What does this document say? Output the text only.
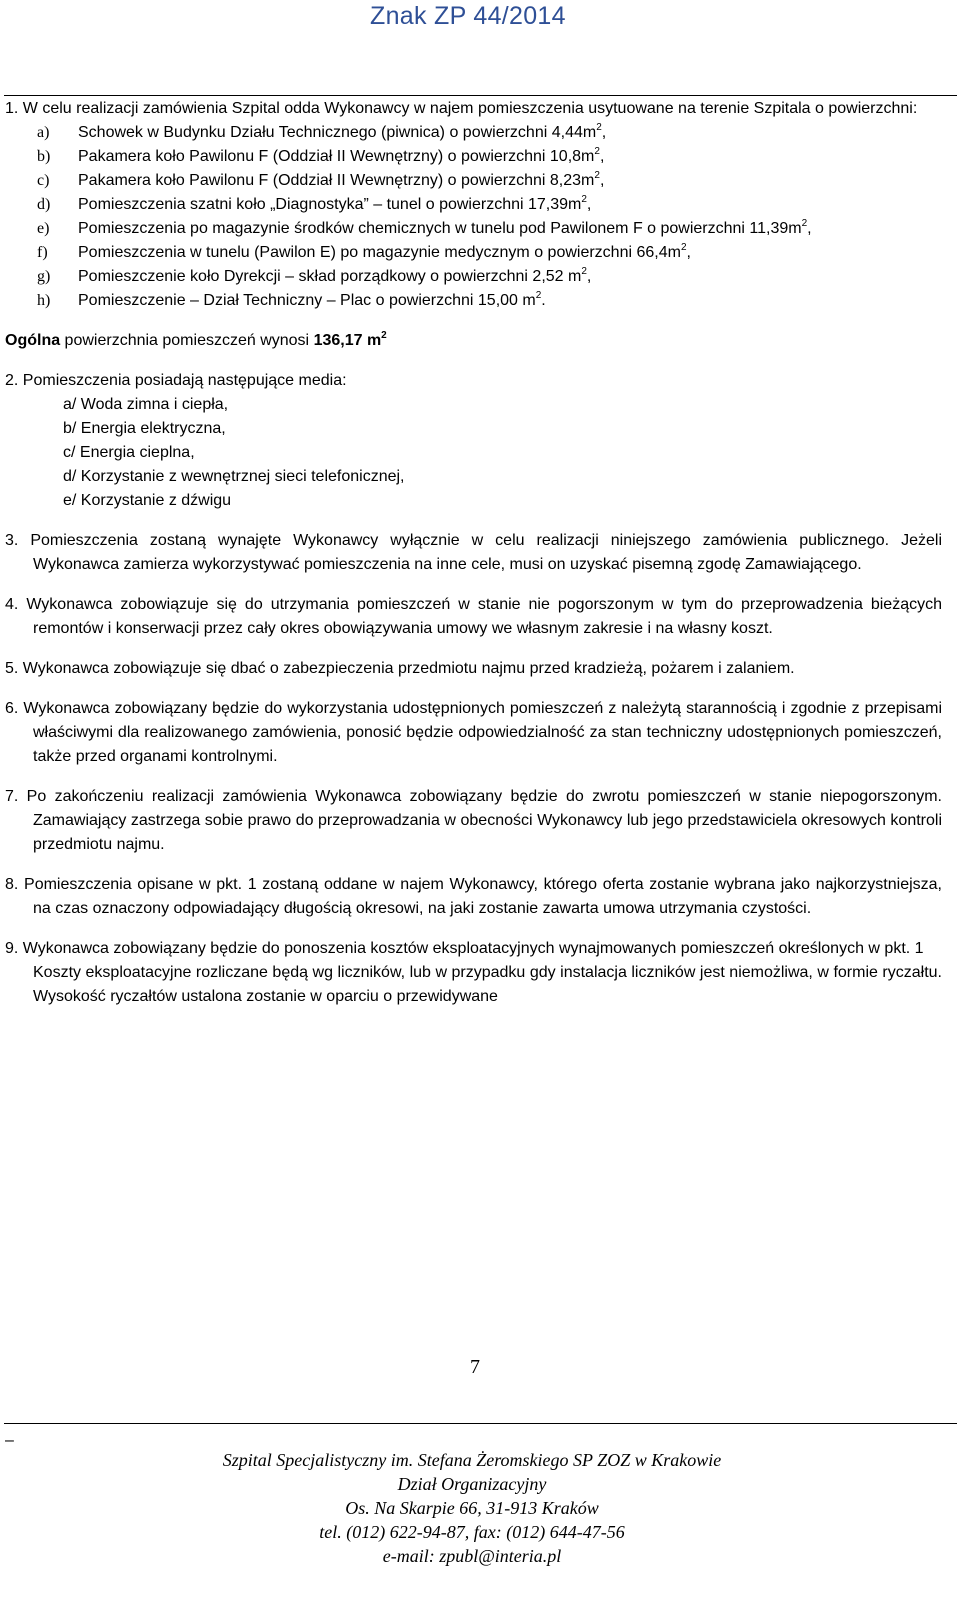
Znak ZP 44/2014

1. W celu realizacji zamówienia Szpital odda Wykonawcy w najem pomieszczenia usytuowane na terenie Szpitala o powierzchni:

a) Schowek w Budynku Działu Technicznego (piwnica) o powierzchni $4,44m^2$,
b) Pakamera koło Pawilonu F (Oddział II Wewnętrzny) o powierzchni $10,8m^2$,
c) Pakamera koło Pawilonu F (Oddział II Wewnętrzny) o powierzchni $8,23m^2$,
d) Pomieszczenia szatni koło „Diagnostyka” – tunel o powierzchni $17,39m^2$,
e) Pomieszczenia po magazynie środków chemicznych w tunelu pod Pawilonem F o powierzchni $11,39m^2$,
f) Pomieszczenia w tunelu (Pawilon E) po magazynie medycznym o powierzchni $66,4m^2$,
g) Pomieszczenie koło Dyrekcji – skład porządkowy o powierzchni 2,52 $m^2$,
h) Pomieszczenie – Dział Techniczny – Plac o powierzchni 15,00 $m^2$.

Ogólna powierzchnia pomieszczeń wynosi 136,17 $m^2$

2. Pomieszczenia posiadają następujące media:

a/ Woda zimna i ciepła,
b/ Energia elektryczna,
c/ Energia cieplna,
d/ Korzystanie z wewnętrznej sieci telefonicznej,
e/ Korzystanie z dźwigu

3. Pomieszczenia zostaną wynajęte Wykonawcy wyłącznie w celu realizacji niniejszego zamówienia publicznego. Jeżeli Wykonawca zamierza wykorzystywać pomieszczenia na inne cele, musi on uzyskać pisemną zgodę Zamawiającego.

4. Wykonawca zobowiązuje się do utrzymania pomieszczeń w stanie nie pogorszonym w tym do przeprowadzenia bieżących remontów i konserwacji przez cały okres obowiązywania umowy we własnym zakresie i na własny koszt.

5. Wykonawca zobowiązuje się dbać o zabezpieczenia przedmiotu najmu przed kradzieżą, pożarem i zalaniem.

6. Wykonawca zobowiązany będzie do wykorzystania udostępnionych pomieszczeń z należytą starannością i zgodnie z przepisami właściwymi dla realizowanego zamówienia, ponosić będzie odpowiedzialność za stan techniczny udostępnionych pomieszczeń, także przed organami kontrolnymi.

7. Po zakończeniu realizacji zamówienia Wykonawca zobowiązany będzie do zwrotu pomieszczeń w stanie niepogorszonym. Zamawiający zastrzega sobie prawo do przeprowadzania w obecności Wykonawcy lub jego przedstawiciela okresowych kontroli przedmiotu najmu.

8. Pomieszczenia opisane w pkt. 1 zostaną oddane w najem Wykonawcy, którego oferta zostanie wybrana jako najkorzystniejsza, na czas oznaczony odpowiadający długością okresowi, na jaki zostanie zawarta umowa utrzymania czystości.

9. Wykonawca zobowiązany będzie do ponoszenia kosztów eksploatacyjnych wynajmowanych pomieszczeń określonych w pkt. 1

Koszty eksploatacyjne rozliczane będą wg liczników, lub w przypadku gdy instalacja liczników jest niemożliwa, w formie ryczałtu. Wysokość ryczałtów ustalona zostanie w oparciu o przewidywane

7
–
Szpital Specjalistyczny im. Stefana Żeromskiego SP ZOZ w Krakowie
Dział Organizacyjny
Os. Na Skarpie 66, 31-913 Kraków
tel. (012) 622-94-87, fax: (012) 644-47-56
e-mail: zpubl@interia.pl
